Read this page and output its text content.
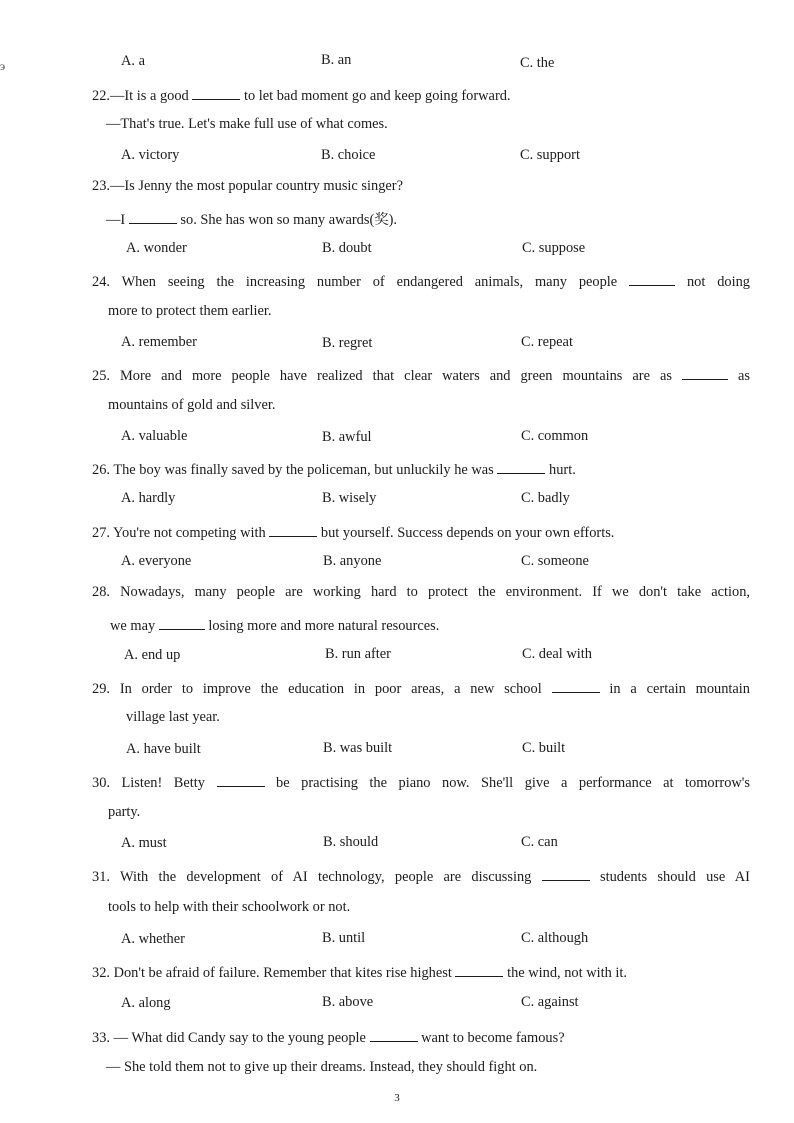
э	A. a	B. an	C. the
22.—It is a good	to let bad moment go and keep going forward.
—That's true. Let's make full use of what comes.
A. victory	B. choice	C. support
23.—Is Jenny the most popular country music singer?
—I	so. She has won so many awards(奖).
A. wonder	B. doubt	C. suppose
24. When seeing the increasing number of endangered animals, many people	not doing
more to protect them earlier.
A. remember	B. regret	C. repeat
25. More and more people have realized that clear waters and green mountains are as	as
mountains of gold and silver.
A. valuable	B. awful	C. common
26. The boy was finally saved by the policeman, but unluckily he was	hurt.
A. hardly	B. wisely	C. badly
27. You're not competing with	but yourself. Success depends on your own efforts.
A. everyone	B. anyone	C. someone
28. Nowadays, many people are working hard to protect the environment. If we don't take action,
we may	losing more and more natural resources.
A. end up	B. run after	C. deal with
29. In order to improve the education in poor areas, a new school	in a certain mountain
village last year.
A. have built	B. was built	C. built
30. Listen! Betty	be practising the piano now. She'll give a performance at tomorrow's
party.
A. must	B. should	C. can
31. With the development of AI technology, people are discussing	students should use AI
tools to help with their schoolwork or not.
A. whether	B. until	C. although
32. Don't be afraid of failure. Remember that kites rise highest	the wind, not with it.
A. along	B. above	C. against
33. — What did Candy say to the young people	want to become famous?
— She told them not to give up their dreams. Instead, they should fight on.
3
